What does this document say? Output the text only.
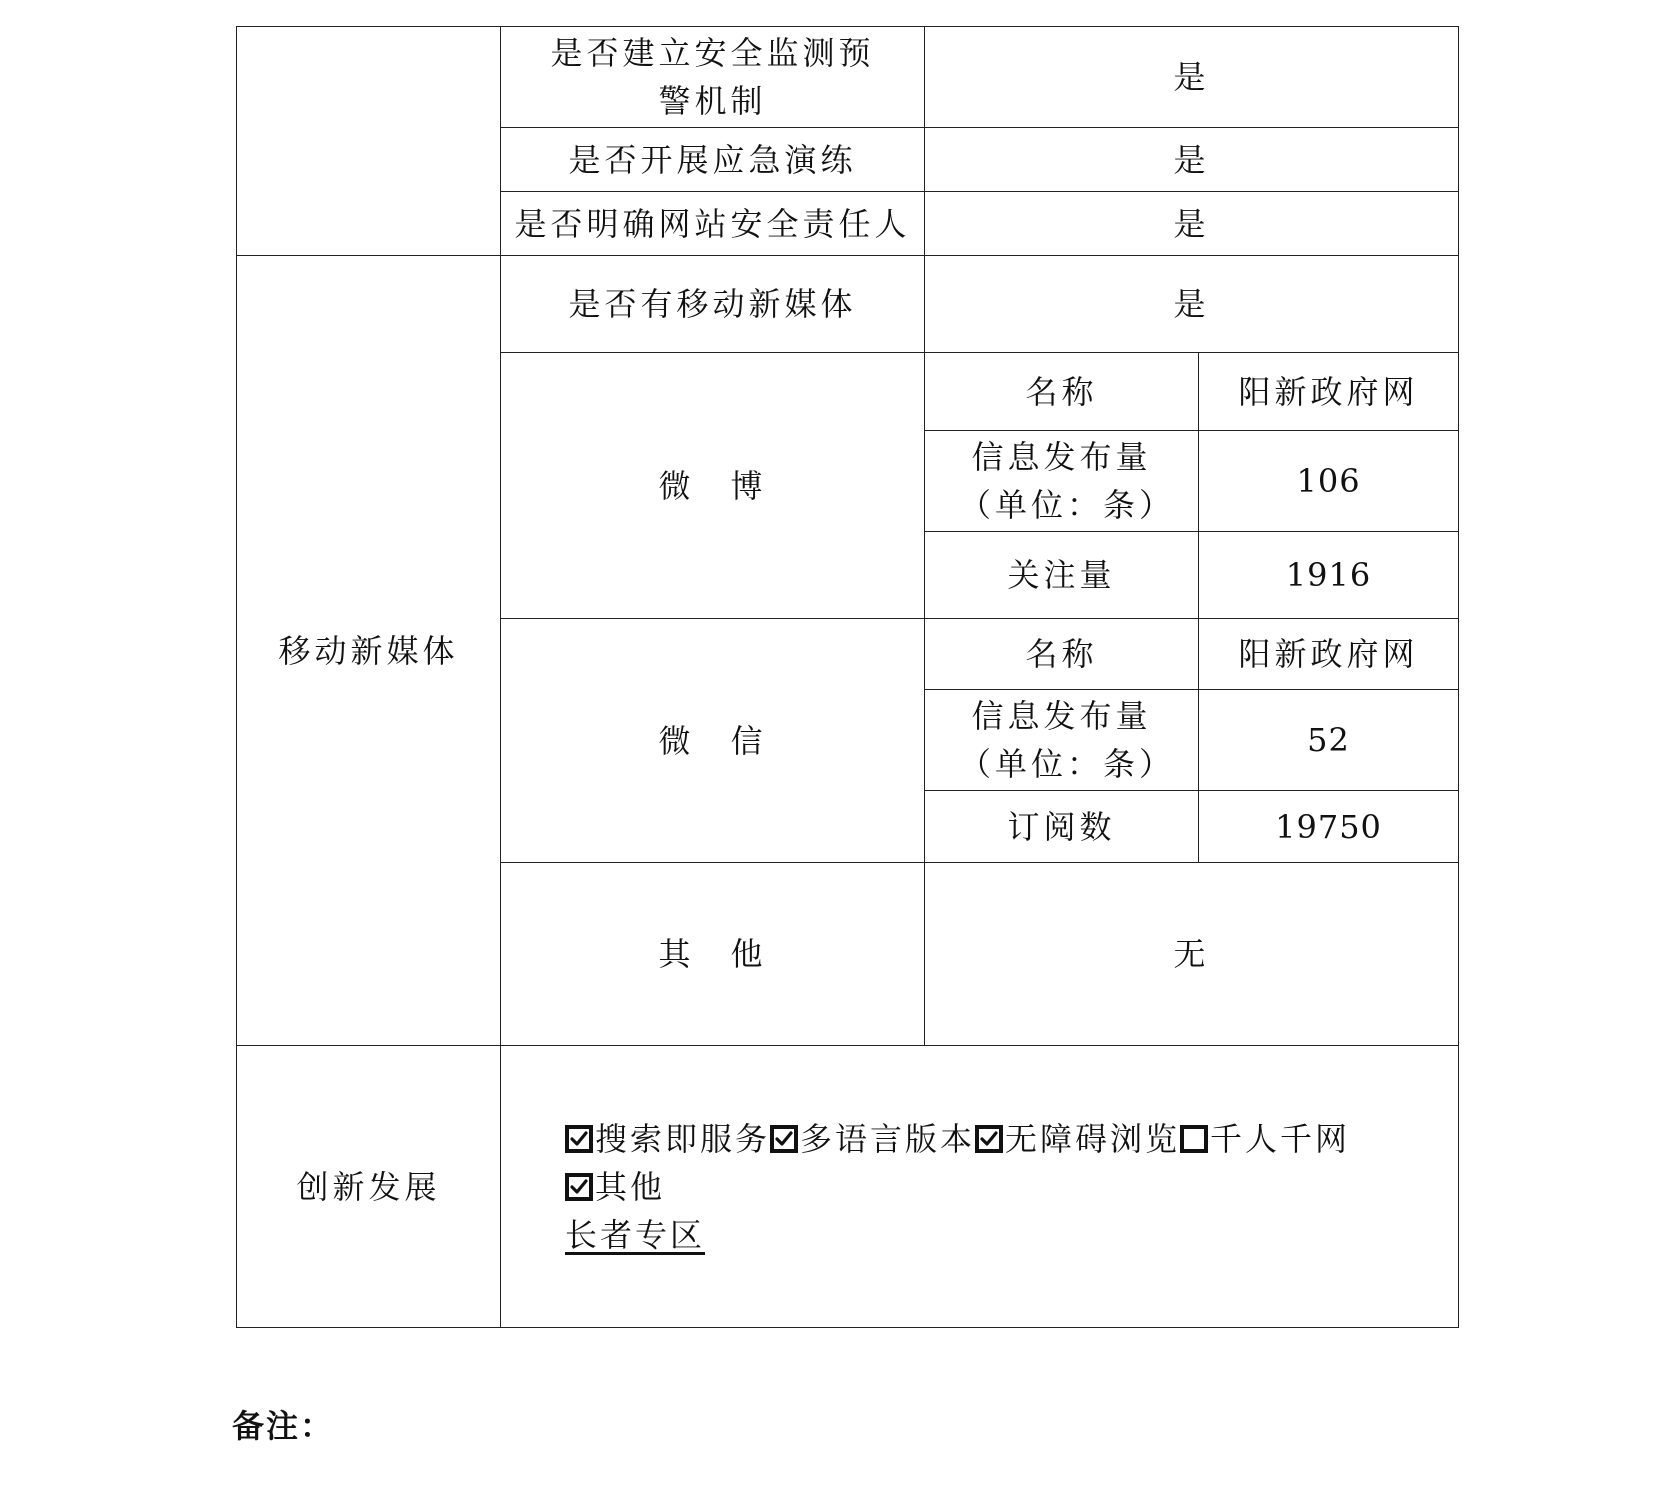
	是否建立安全监测预警机制	是	
	是否开展应急演练	是	
	是否明确网站安全责任人	是	
移动新媒体	是否有移动新媒体	是	
	微　博	名称	阳新政府网
		信息发布量（单位：条）	106
		关注量	1916
	微　信	名称	阳新政府网
		信息发布量（单位：条）	52
		订阅数	19750
	其　他	无	
创新发展	搜索即服务 多语言版本 无障碍浏览 千人千网
其他
长者专区		
备注：
